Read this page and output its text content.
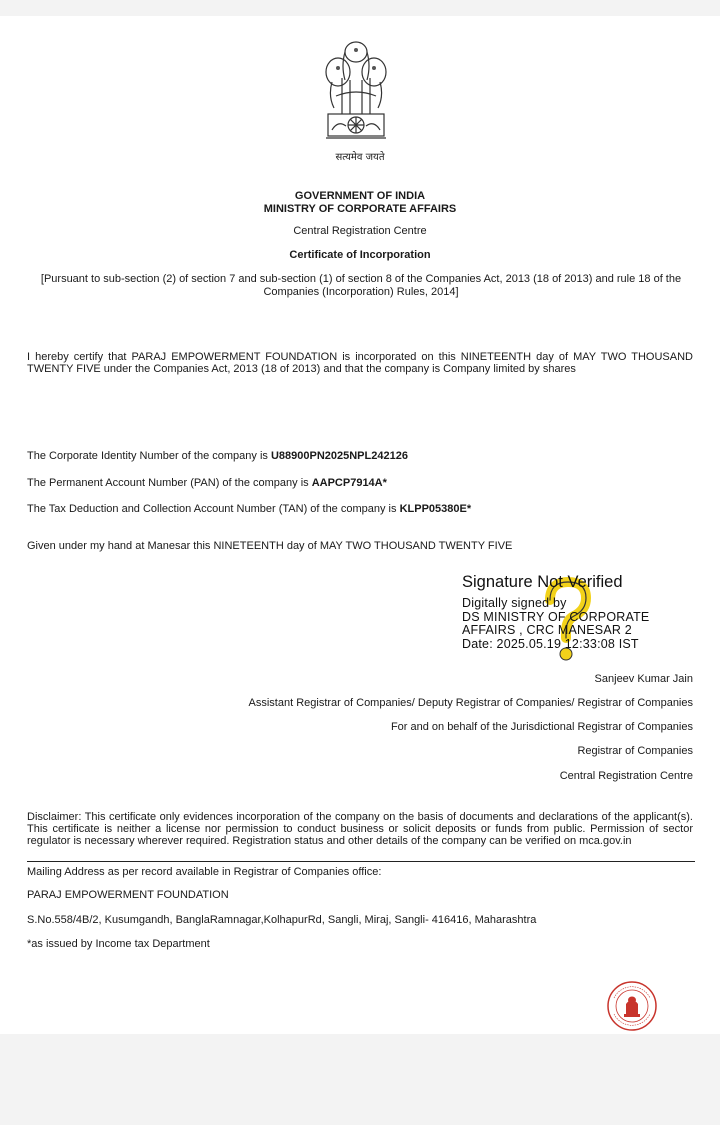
सत्यमेव जयते
GOVERNMENT OF INDIA
MINISTRY OF CORPORATE AFFAIRS
Central Registration Centre
Certificate of Incorporation
[Pursuant to sub-section (2) of section 7 and sub-section (1) of section 8 of the Companies Act, 2013 (18 of 2013) and rule 18 of the Companies (Incorporation) Rules, 2014]
I hereby certify that PARAJ EMPOWERMENT FOUNDATION is incorporated on this NINETEENTH day of MAY TWO THOUSAND TWENTY FIVE under the Companies Act, 2013 (18 of 2013) and that the company is Company limited by shares
The Corporate Identity Number of the company is U88900PN2025NPL242126
The Permanent Account Number (PAN) of the company is AAPCP7914A*
The Tax Deduction and Collection Account Number (TAN) of the company is KLPP05380E*
Given under my hand at Manesar this NINETEENTH day of MAY TWO THOUSAND TWENTY FIVE
Signature Not Verified
Digitally signed by
DS MINISTRY OF CORPORATE
AFFAIRS , CRC MANESAR 2
Date: 2025.05.19 12:33:08 IST
Sanjeev Kumar Jain
Assistant Registrar of Companies/ Deputy Registrar of Companies/ Registrar of Companies
For and on behalf of the Jurisdictional Registrar of Companies
Registrar of Companies
Central Registration Centre
Disclaimer: This certificate only evidences incorporation of the company on the basis of documents and declarations of the applicant(s). This certificate is neither a license nor permission to conduct business or solicit deposits or funds from public. Permission of sector regulator is necessary wherever required. Registration status and other details of the company can be verified on mca.gov.in
Mailing Address as per record available in Registrar of Companies office:
PARAJ EMPOWERMENT FOUNDATION
S.No.558/4B/2, Kusumgandh, BanglaRamnagar,KolhapurRd, Sangli, Miraj, Sangli- 416416, Maharashtra
*as issued by Income tax Department
